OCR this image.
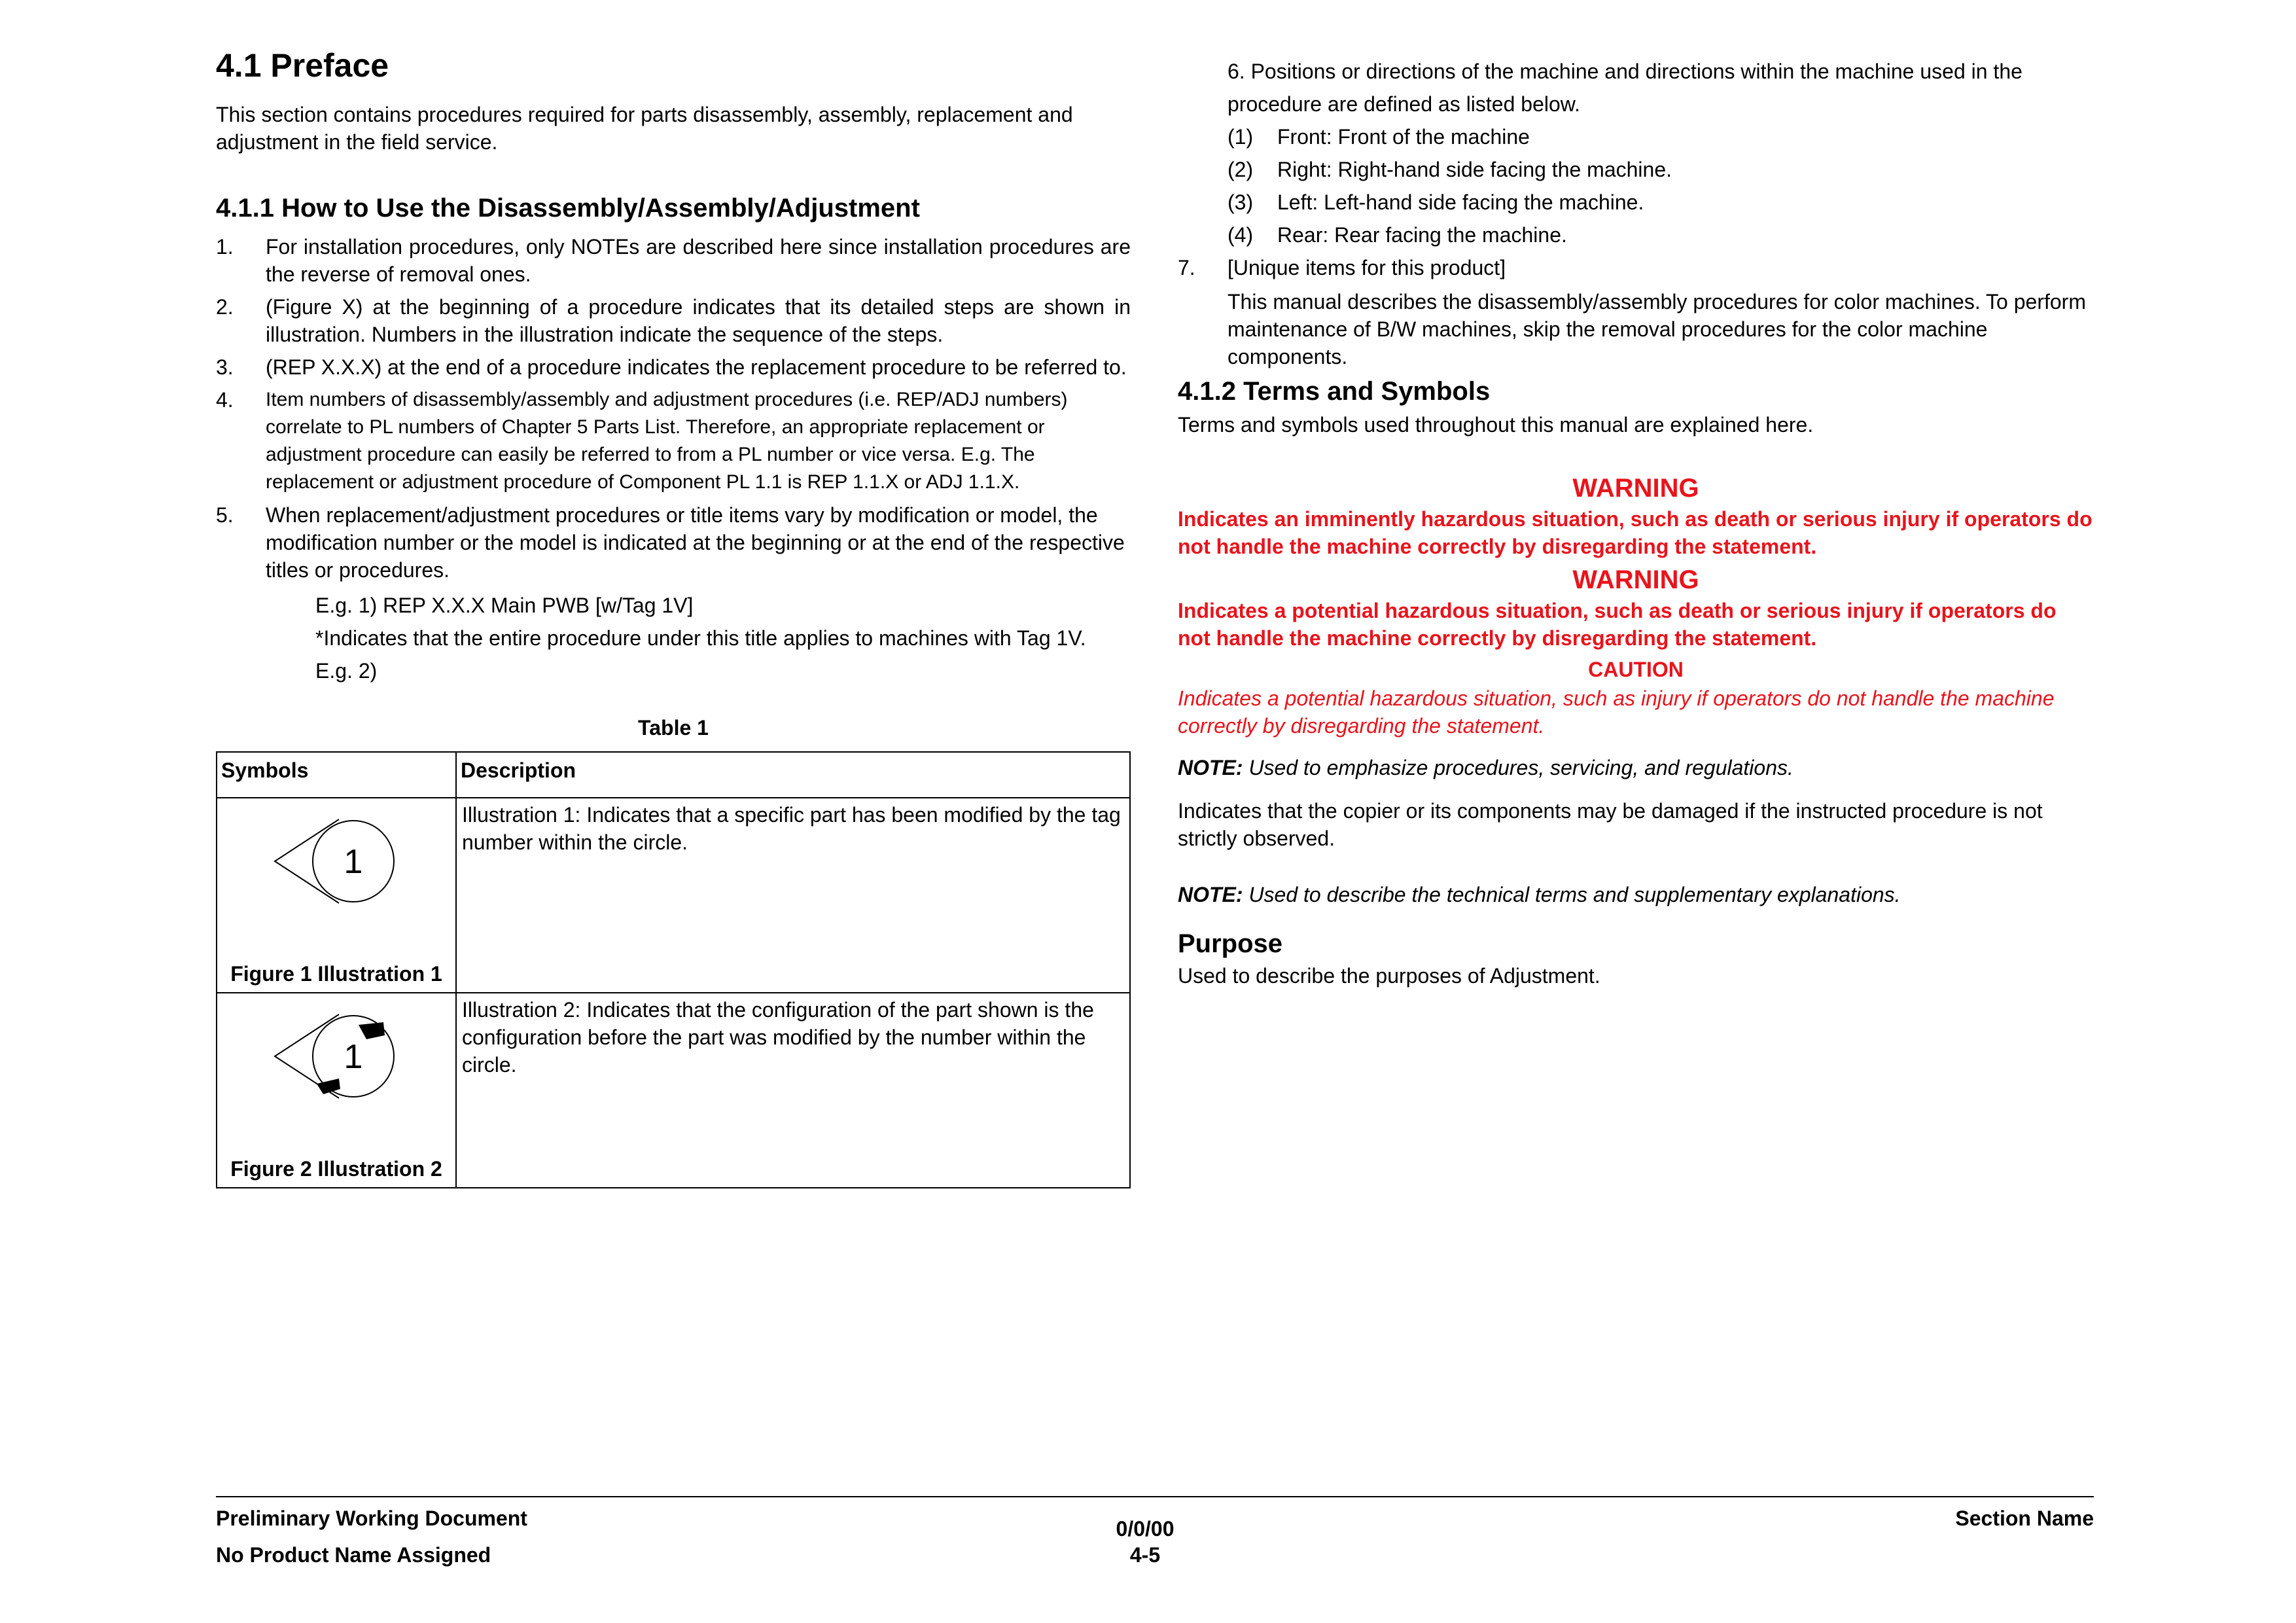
4.1 Preface

This section contains procedures required for parts disassembly, assembly, replacement and adjustment in the field service.

4.1.1 How to Use the Disassembly/Assembly/Adjustment
1. For installation procedures, only NOTEs are described here since installation procedures are the reverse of removal ones.
2. (Figure X) at the beginning of a procedure indicates that its detailed steps are shown in illustration. Numbers in the illustration indicate the sequence of the steps.
3. (REP X.X.X) at the end of a procedure indicates the replacement procedure to be referred to.
4. Item numbers of disassembly/assembly and adjustment procedures (i.e. REP/ADJ numbers) correlate to PL numbers of Chapter 5 Parts List. Therefore, an appropriate replacement or adjustment procedure can easily be referred to from a PL number or vice versa. E.g. The replacement or adjustment procedure of Component PL 1.1 is REP 1.1.X or ADJ 1.1.X.
5. When replacement/adjustment procedures or title items vary by modification or model, the modification number or the model is indicated at the beginning or at the end of the respective titles or procedures.
E.g. 1) REP X.X.X Main PWB [w/Tag 1V]
*Indicates that the entire procedure under this title applies to machines with Tag 1V.
E.g. 2)
Table 1
Symbols	Description

1
Figure 1 Illustration 1	Illustration 1: Indicates that a specific part has been modified by the tag number within the circle.

1
Figure 2 Illustration 2	Illustration 2: Indicates that the configuration of the part shown is the configuration before the part was modified by the number within the circle.

6. Positions or directions of the machine and directions within the machine used in the procedure are defined as listed below.

(1) Front: Front of the machine
(2) Right: Right-hand side facing the machine.
(3) Left: Left-hand side facing the machine.
(4) Rear: Rear facing the machine.
7. [Unique items for this product]

This manual describes the disassembly/assembly procedures for color machines. To perform maintenance of B/W machines, skip the removal procedures for the color machine components.

4.1.2 Terms and Symbols

Terms and symbols used throughout this manual are explained here.

WARNING

Indicates an imminently hazardous situation, such as death or serious injury if operators do not handle the machine correctly by disregarding the statement.

WARNING

Indicates a potential hazardous situation, such as death or serious injury if operators do not handle the machine correctly by disregarding the statement.

CAUTION

Indicates a potential hazardous situation, such as injury if operators do not handle the machine correctly by disregarding the statement.

NOTE: Used to emphasize procedures, servicing, and regulations.

Indicates that the copier or its components may be damaged if the instructed procedure is not strictly observed.

NOTE: Used to describe the technical terms and supplementary explanations.

Purpose

Used to describe the purposes of Adjustment.

Preliminary Working Document
No Product Name Assigned
0/0/00
4-5
Section Name
